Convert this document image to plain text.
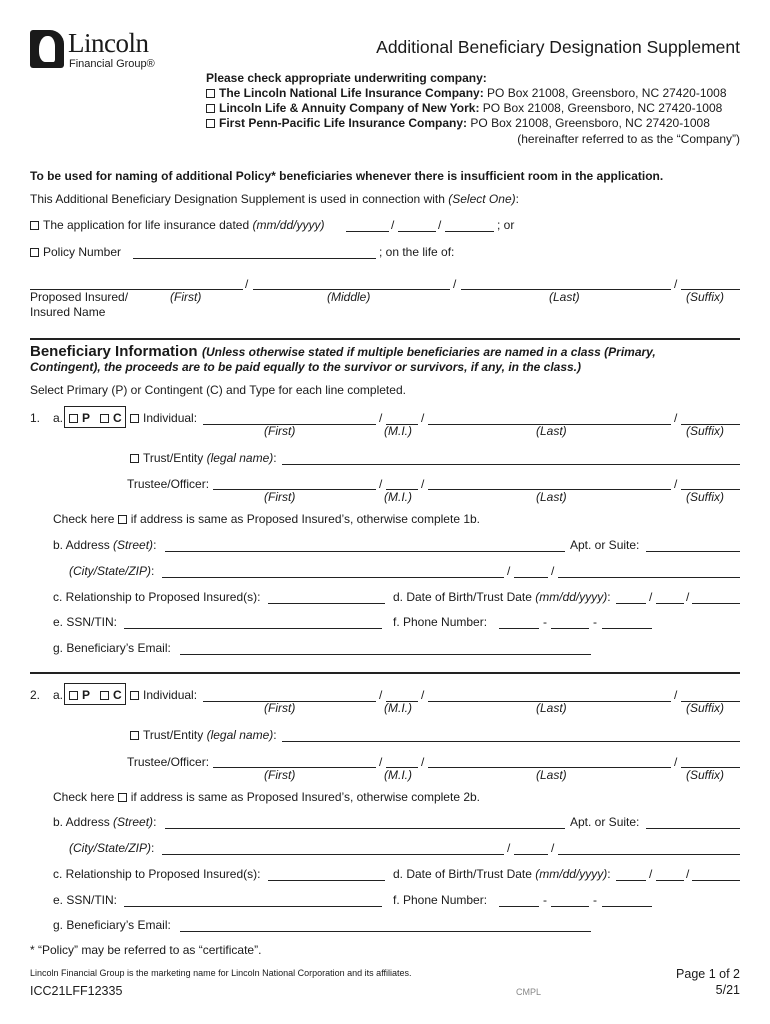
Lincoln
Financial Group®
Additional Beneficiary Designation Supplement
Please check appropriate underwriting company:
The Lincoln National Life Insurance Company: PO Box 21008, Greensboro, NC 27420-1008
Lincoln Life & Annuity Company of New York: PO Box 21008, Greensboro, NC 27420-1008
First Penn-Pacific Life Insurance Company: PO Box 21008, Greensboro, NC 27420-1008
(hereinafter referred to as the “Company”)
To be used for naming of additional Policy* beneficiaries whenever there is insufficient room in the application.
This Additional Beneficiary Designation Supplement is used in connection with (Select One):
The application for life insurance dated (mm/dd/yyyy)	/	/	; or
Policy Number	; on the life of:
/	/	/
Proposed Insured/
Insured Name
(First)	(Middle)	(Last)	(Suffix)
Beneficiary Information (Unless otherwise stated if multiple beneficiaries are named in a class (Primary,
Contingent), the proceeds are to be paid equally to the survivor or survivors, if any, in the class.)
Select Primary (P) or Contingent (C) and Type for each line completed.
1. a.	P	C	Individual:	/	/	/
(First)	(M.I.)	(Last)	(Suffix)
Trust/Entity (legal name):
Trustee/Officer:	/	/	/
(First)	(M.I.)	(Last)	(Suffix)
Check here if address is same as Proposed Insured’s, otherwise complete 1b.
b. Address (Street):	Apt. or Suite:
(City/State/ZIP):	/	/
c. Relationship to Proposed Insured(s):	d. Date of Birth/Trust Date (mm/dd/yyyy):	/	/
e. SSN/TIN:	f. Phone Number:	-	-
g. Beneficiary’s Email:
2. a.	P	C	Individual:	/	/	/
(First)	(M.I.)	(Last)	(Suffix)
Trust/Entity (legal name):
Trustee/Officer:	/	/	/
(First)	(M.I.)	(Last)	(Suffix)
Check here if address is same as Proposed Insured’s, otherwise complete 2b.
b. Address (Street):	Apt. or Suite:
(City/State/ZIP):	/	/
c. Relationship to Proposed Insured(s):	d. Date of Birth/Trust Date (mm/dd/yyyy):	/	/
e. SSN/TIN:	f. Phone Number:	-	-
g. Beneficiary’s Email:
* “Policy” may be referred to as “certificate”.
Lincoln Financial Group is the marketing name for Lincoln National Corporation and its affiliates.
ICC21LFF12335	CMPL
Page 1 of 2
5/21
